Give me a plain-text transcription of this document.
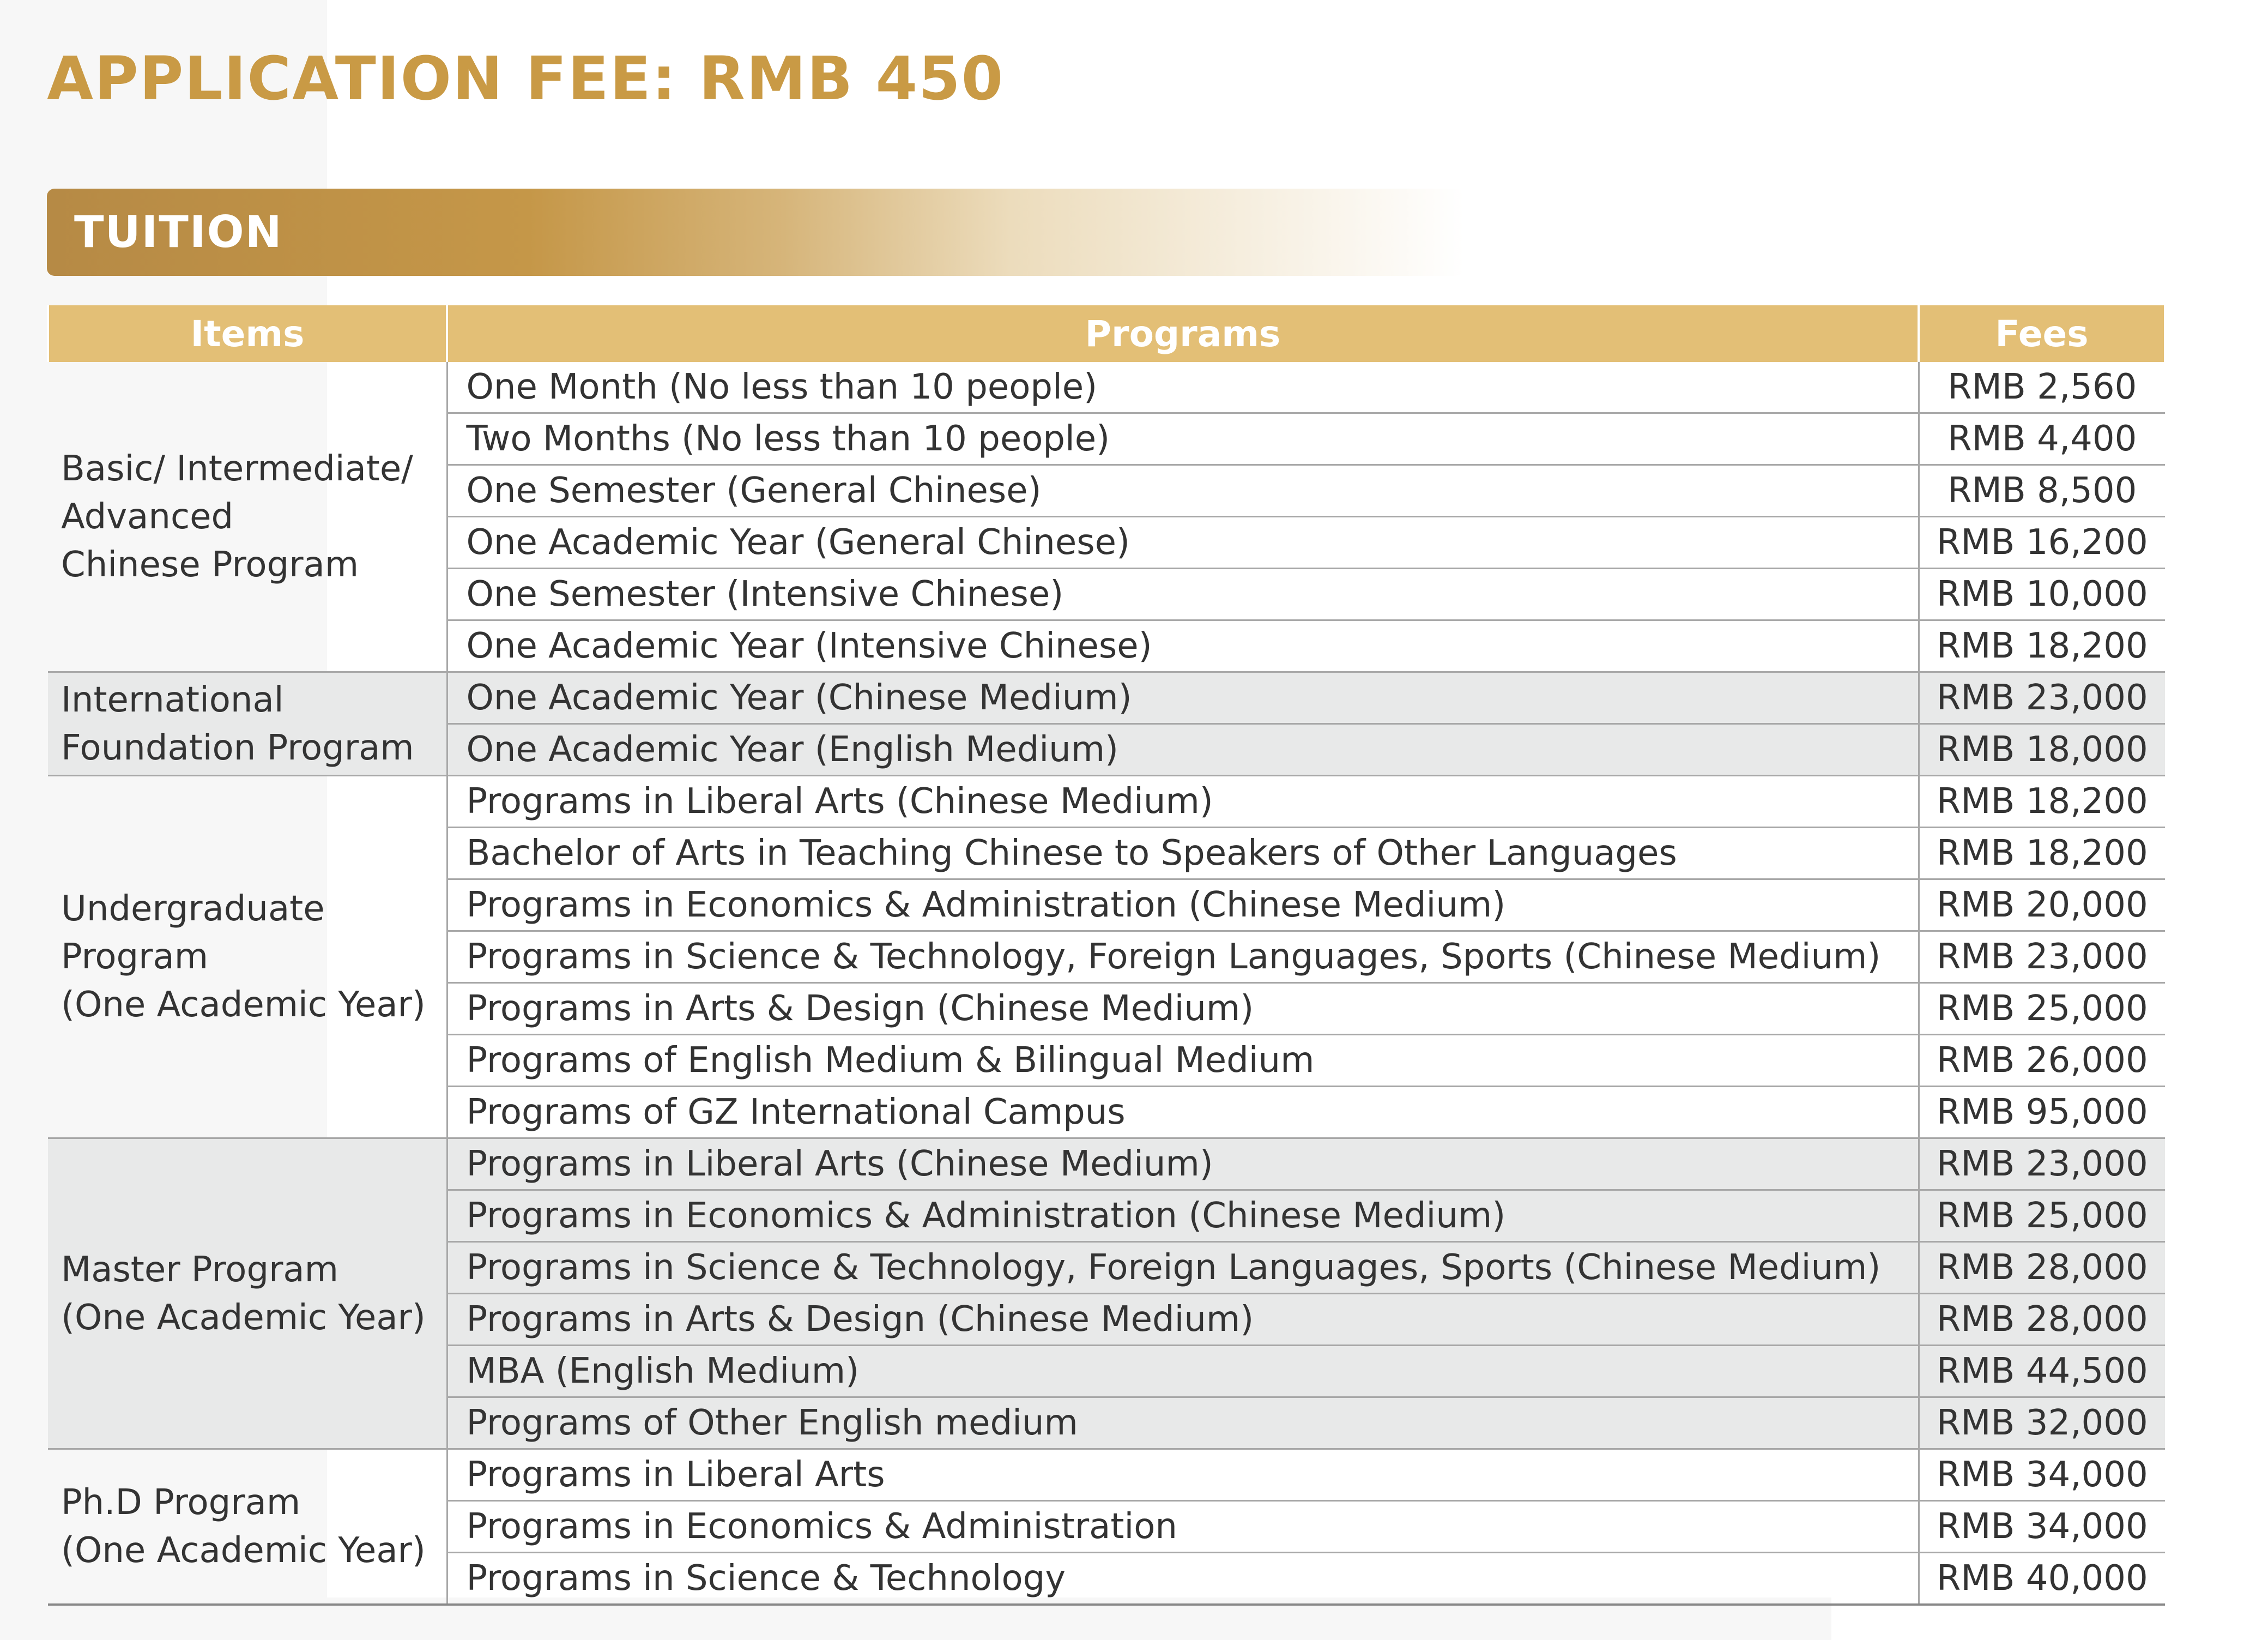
APPLICATION FEE: RMB 450
TUITION
Items	Programs	Fees

Basic/ Intermediate/
Advanced
Chinese Program	One Month (No less than 10 people)	RMB 2,560
	Two Months (No less than 10 people)	RMB 4,400
	One Semester (General Chinese)	RMB 8,500
	One Academic Year (General Chinese)	RMB 16,200
	One Semester (Intensive Chinese)	RMB 10,000
	One Academic Year (Intensive Chinese)	RMB 18,200

International
Foundation Program	One Academic Year (Chinese Medium)	RMB 23,000
	One Academic Year (English Medium)	RMB 18,000

Undergraduate
Program
(One Academic Year)	Programs in Liberal Arts (Chinese Medium)	RMB 18,200
	Bachelor of Arts in Teaching Chinese to Speakers of Other Languages	RMB 18,200
	Programs in Economics & Administration (Chinese Medium)	RMB 20,000
	Programs in Science & Technology, Foreign Languages, Sports (Chinese Medium)	RMB 23,000
	Programs in Arts & Design (Chinese Medium)	RMB 25,000
	Programs of English Medium & Bilingual Medium	RMB 26,000
	Programs of GZ International Campus	RMB 95,000

Master Program
(One Academic Year)	Programs in Liberal Arts (Chinese Medium)	RMB 23,000
	Programs in Economics & Administration (Chinese Medium)	RMB 25,000
	Programs in Science & Technology, Foreign Languages, Sports (Chinese Medium)	RMB 28,000
	Programs in Arts & Design (Chinese Medium)	RMB 28,000
	MBA (English Medium)	RMB 44,500
	Programs of Other English medium	RMB 32,000

Ph.D Program
(One Academic Year)	Programs in Liberal Arts	RMB 34,000
	Programs in Economics & Administration	RMB 34,000
	Programs in Science & Technology	RMB 40,000
